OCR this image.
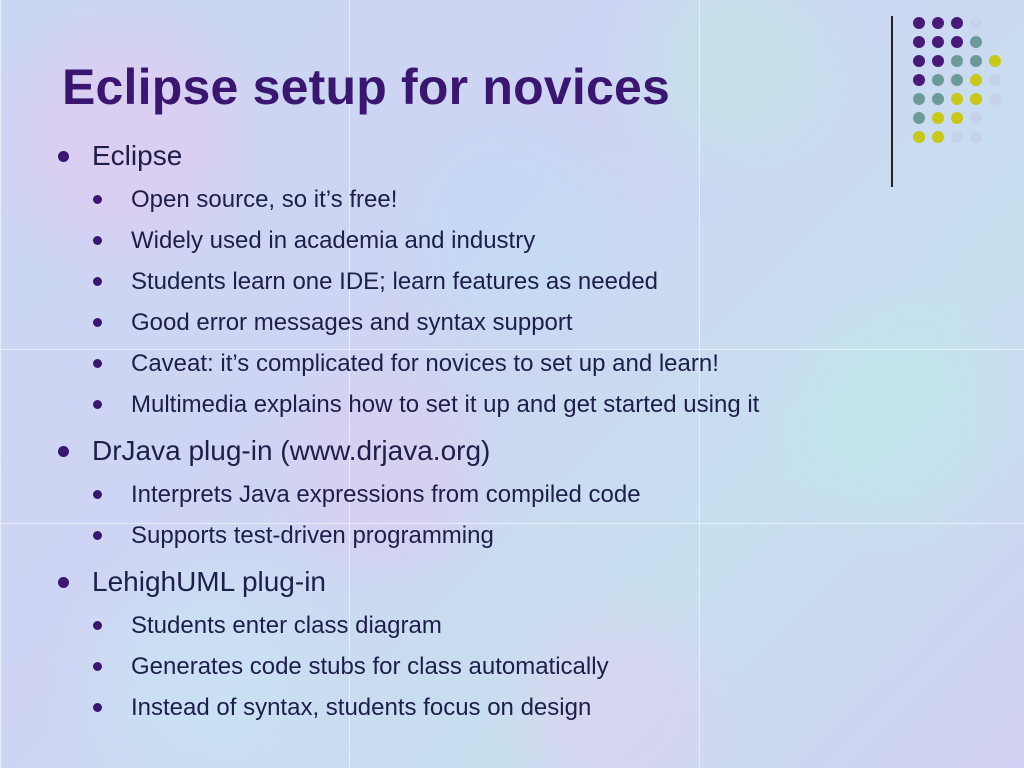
Eclipse setup for novices
Eclipse
Open source, so it’s free!
Widely used in academia and industry
Students learn one IDE; learn features as needed
Good error messages and syntax support
Caveat: it’s complicated for novices to set up and learn!
Multimedia explains how to set it up and get started using it
DrJava plug-in (www.drjava.org)
Interprets Java expressions from compiled code
Supports test-driven programming
LehighUML plug-in
Students enter class diagram
Generates code stubs for class automatically
Instead of syntax, students focus on design
